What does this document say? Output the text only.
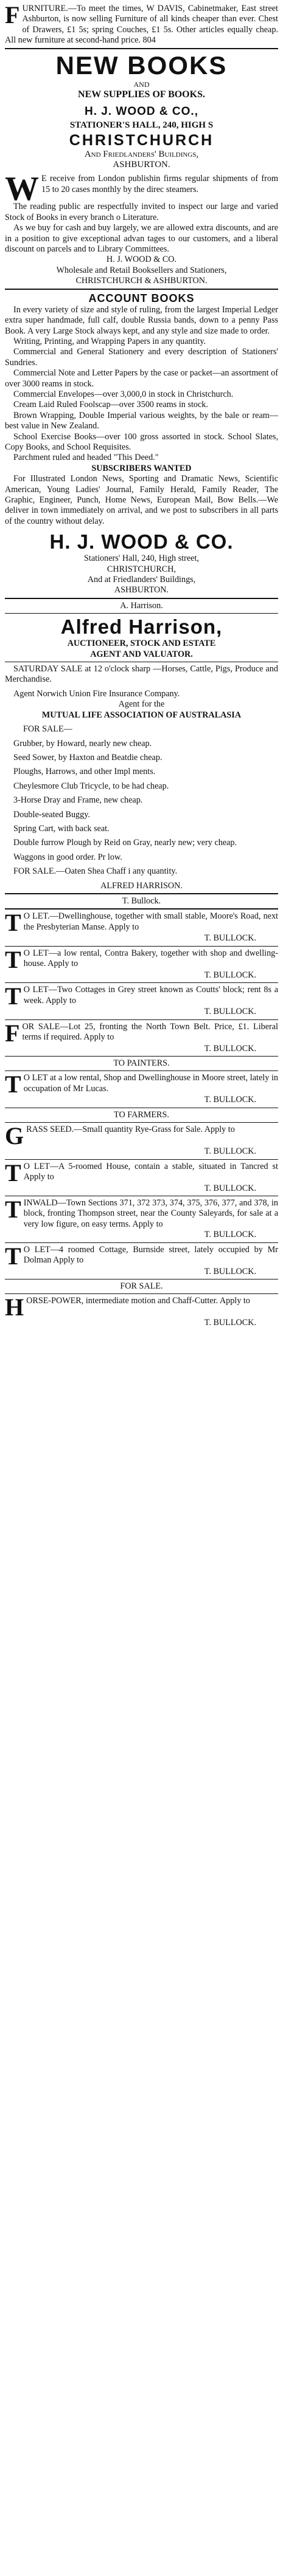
FURNITURE.—To meet the times, W DAVIS, Cabinetmaker, East street Ashburton, is now selling Furniture of all kinds cheaper than ever. Chest of Drawers, £1 5s; spring Couches, £1 5s. Other articles equally cheap. All new furniture at second-hand price. 804

NEW BOOKS

AND

NEW SUPPLIES OF BOOKS.

H. J. WOOD & CO.,

STATIONER'S HALL, 240, HIGH S

CHRISTCHURCH

And Friedlanders' Buildings,

ASHBURTON.

W E receive from London publishin firms regular shipments of from 15 to 20 cases monthly by the direc steamers.

The reading public are respectfully invited to inspect our large and varied Stock of Books in every branch o Literature.

As we buy for cash and buy largely, we are allowed extra discounts, and are in a position to give exceptional advan tages to our customers, and a liberal discount on parcels and to Library Committees.

H. J. WOOD & CO.

Wholesale and Retail Booksellers and Stationers,

CHRISTCHURCH & ASHBURTON.

ACCOUNT BOOKS

In every variety of size and style of ruling, from the largest Imperial Ledger extra super handmade, full calf, double Russia bands, down to a penny Pass Book. A very Large Stock always kept, and any style and size made to order.

Writing, Printing, and Wrapping Papers in any quantity.

Commercial and General Stationery and every description of Stationers' Sundries.

Commercial Note and Letter Papers by the case or packet—an assortment of over 3000 reams in stock.

Commercial Envelopes—over 3,000,0 in stock in Christchurch.

Cream Laid Ruled Foolscap—over 3500 reams in stock.

Brown Wrapping, Double Imperial various weights, by the bale or ream— best value in New Zealand.

School Exercise Books—over 100 gross assorted in stock. School Slates, Copy Books, and School Requisites.

Parchment ruled and headed "This Deed."

SUBSCRIBERS WANTED

For Illustrated London News, Sporting and Dramatic News, Scientific American, Young Ladies' Journal, Family Herald, Family Reader, The Graphic, Engineer, Punch, Home News, European Mail, Bow Bells.—We deliver in town immediately on arrival, and we post to subscribers in all parts of the country without delay.

H. J. WOOD & CO.

Stationers' Hall, 240, High street,

CHRISTCHURCH,

And at Friedlanders' Buildings,

ASHBURTON.

A. Harrison.

Alfred Harrison,

AUCTIONEER, STOCK AND ESTATE

AGENT AND VALUATOR.

SATURDAY SALE at 12 o'clock sharp —Horses, Cattle, Pigs, Produce and Merchandise.

Agent Norwich Union Fire Insurance Company.

Agent for the

MUTUAL LIFE ASSOCIATION OF AUSTRALASIA

FOR SALE—

Grubber, by Howard, nearly new cheap.

Seed Sower, by Haxton and Beatdie cheap.

Ploughs, Harrows, and other Impl ments.

Cheylesmore Club Tricycle, to be had cheap.

3-Horse Dray and Frame, new cheap.

Double-seated Buggy.

Spring Cart, with back seat.

Double furrow Plough by Reid on Gray, nearly new; very cheap.

Waggons in good order. Pr low.

FOR SALE.—Oaten Shea Chaff i any quantity.

ALFRED HARRISON.

T. Bullock.

T O LET.—Dwellinghouse, together with small stable, Moore's Road, next the Presbyterian Manse. Apply to

T. BULLOCK.

T O LET—a low rental, Contra Bakery, together with shop and dwelling-house. Apply to

T. BULLOCK.

T O LET—Two Cottages in Grey street known as Coutts' block; rent 8s a week. Apply to

T. BULLOCK.

FOR SALE—Lot 25, fronting the North Town Belt. Price, £1. Liberal terms if required. Apply to

T. BULLOCK.

TO PAINTERS.

T O LET at a low rental, Shop and Dwellinghouse in Moore street, lately in occupation of Mr Lucas.

T. BULLOCK.

TO FARMERS.

GRASS SEED.—Small quantity Rye-Grass for Sale. Apply to

T. BULLOCK.

T O LET—A 5-roomed House, contain a stable, situated in Tancred st Apply to

T. BULLOCK.

TINWALD—Town Sections 371, 372 373, 374, 375, 376, 377, and 378, in block, fronting Thompson street, near the County Saleyards, for sale at a very low figure, on easy terms. Apply to

T. BULLOCK.

T O LET—4 roomed Cottage, Burnside street, lately occupied by Mr Dolman Apply to

T. BULLOCK.

FOR SALE.

HORSE-POWER, intermediate motion and Chaff-Cutter. Apply to

T. BULLOCK.
